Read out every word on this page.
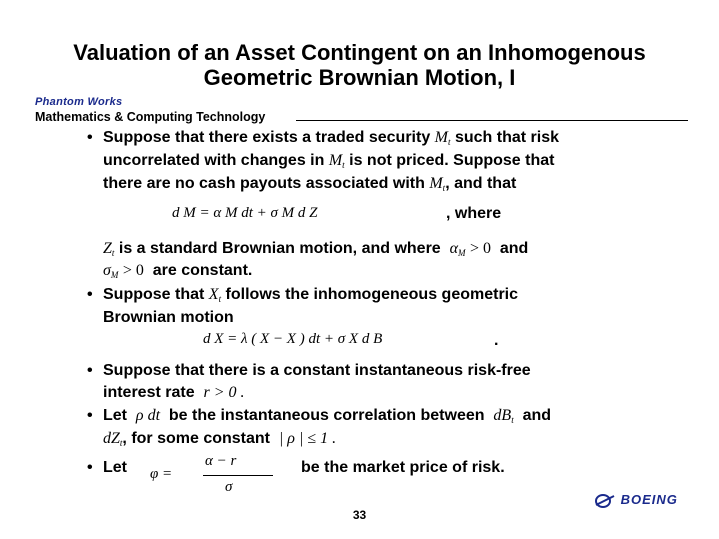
Valuation of an Asset Contingent on an Inhomogenous
Geometric Brownian Motion, I
Phantom Works
Mathematics & Computing Technology
• Suppose that there exists a traded security $M_t$ such that risk
uncorrelated with changes in $M_t$ is not priced. Suppose that
there are no cash payouts associated with $M_t$, and that
d M = α M dt + σ M d Z	, where
$Z_t$ is a standard Brownian motion, and where $\alpha_M > 0$ and
$\sigma_M > 0$ are constant.
• Suppose that $X_t$ follows the inhomogeneous geometric
Brownian motion
d X = λ ( X − X ) dt + σ X d B	.
• Suppose that there is a constant instantaneous risk-free
interest rate r > 0 .
• Let ρ dt be the instantaneous correlation between $dB_t$ and
$dZ_t$, for some constant | ρ | ≤ 1 .
• Let φ =
α − r
σ
be the market price of risk.
33
BOEING
